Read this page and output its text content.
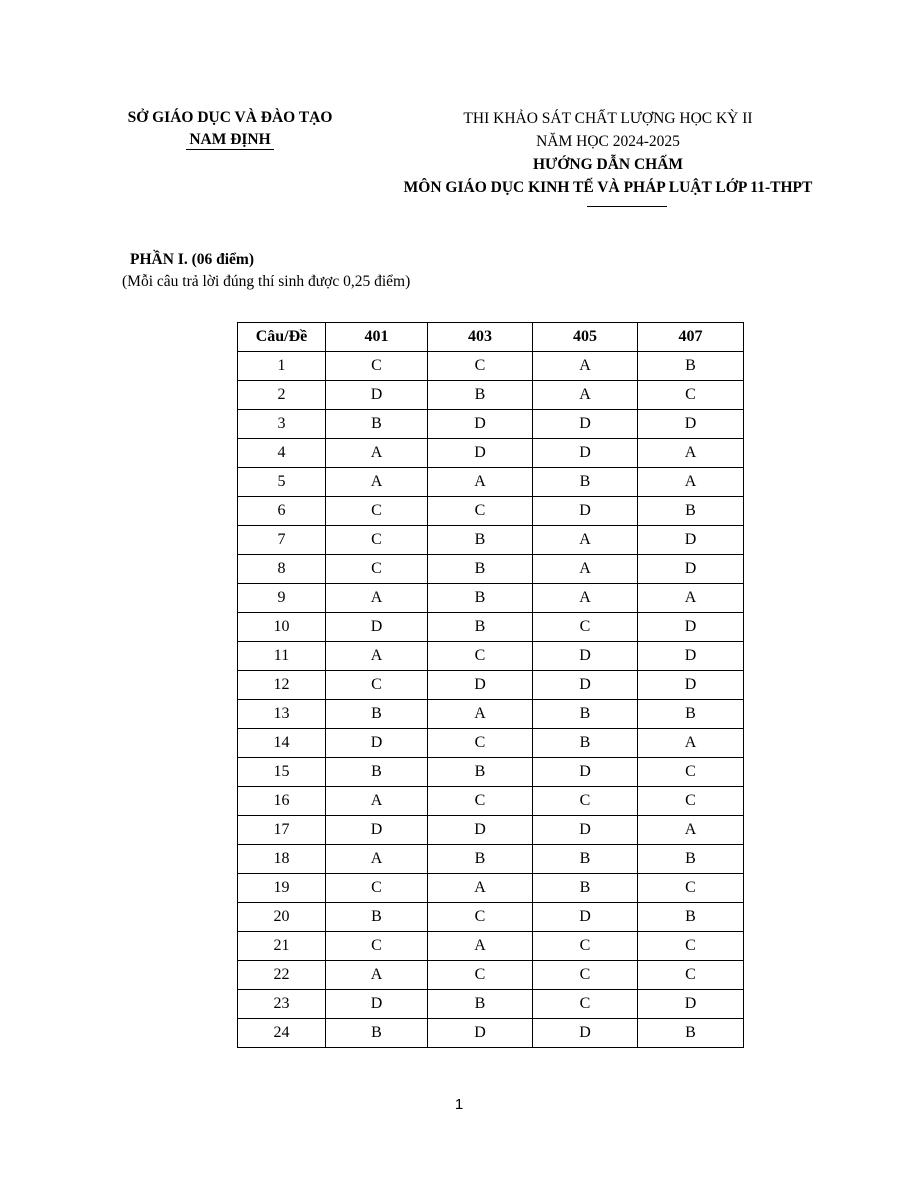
SỞ GIÁO DỤC VÀ ĐÀO TẠO
NAM ĐỊNH
THI KHẢO SÁT CHẤT LƯỢNG HỌC KỲ II
NĂM HỌC 2024-2025
HƯỚNG DẪN CHẤM
MÔN GIÁO DỤC KINH TẾ VÀ PHÁP LUẬT LỚP 11-THPT
PHẦN I. (06 điểm)
(Mỗi câu trả lời đúng thí sinh được 0,25 điểm)
Câu/Đề	401	403	405	407
1	C	C	A	B
2	D	B	A	C
3	B	D	D	D
4	A	D	D	A
5	A	A	B	A
6	C	C	D	B
7	C	B	A	D
8	C	B	A	D
9	A	B	A	A
10	D	B	C	D
11	A	C	D	D
12	C	D	D	D
13	B	A	B	B
14	D	C	B	A
15	B	B	D	C
16	A	C	C	C
17	D	D	D	A
18	A	B	B	B
19	C	A	B	C
20	B	C	D	B
21	C	A	C	C
22	A	C	C	C
23	D	B	C	D
24	B	D	D	B
1
